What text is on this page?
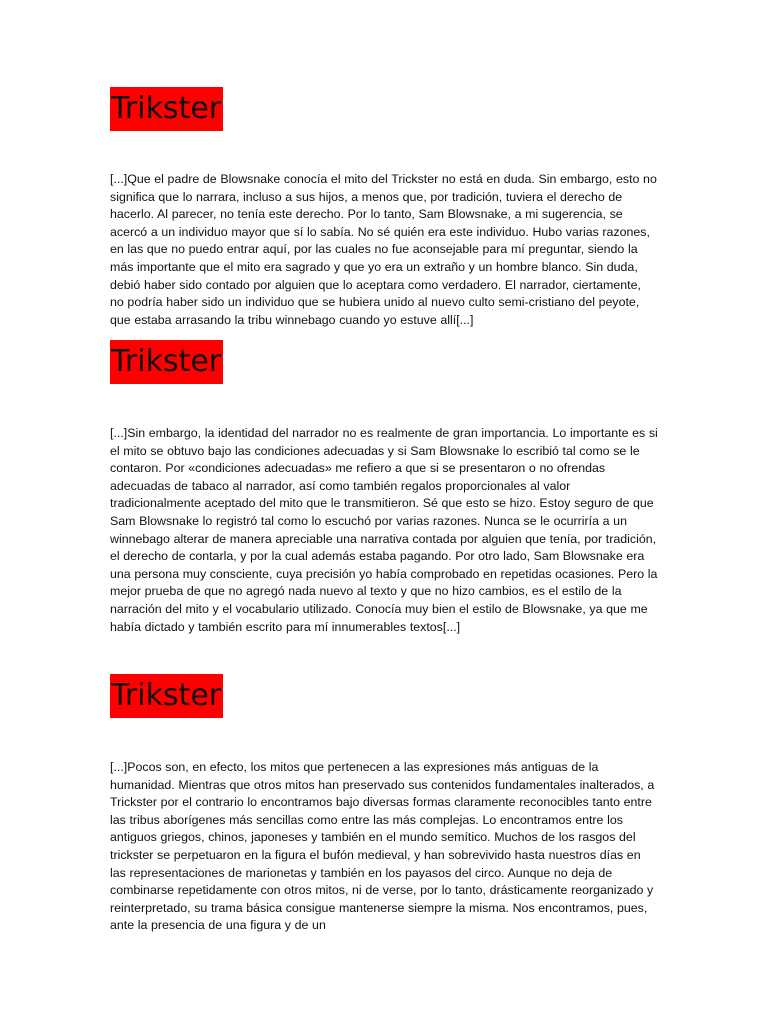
Trikster

[...]Que el padre de Blowsnake conocía el mito del Trickster no está en duda. Sin embargo, esto no significa que lo narrara, incluso a sus hijos, a menos que, por tradición, tuviera el derecho de hacerlo. Al parecer, no tenía este derecho. Por lo tanto, Sam Blowsnake, a mi sugerencia, se acercó a un individuo mayor que sí lo sabía. No sé quién era este individuo. Hubo varias razones, en las que no puedo entrar aquí, por las cuales no fue aconsejable para mí preguntar, siendo la más importante que el mito era sagrado y que yo era un extraño y un hombre blanco. Sin duda, debió haber sido contado por alguien que lo aceptara como verdadero. El narrador, ciertamente, no podría haber sido un individuo que se hubiera unido al nuevo culto semi-cristiano del peyote, que estaba arrasando la tribu winnebago cuando yo estuve allí[...]

Trikster

[...]Sin embargo, la identidad del narrador no es realmente de gran importancia. Lo importante es si el mito se obtuvo bajo las condiciones adecuadas y si Sam Blowsnake lo escribió tal como se le contaron. Por «condiciones adecuadas» me refiero a que si se presentaron o no ofrendas adecuadas de tabaco al narrador, así como también regalos proporcionales al valor tradicionalmente aceptado del mito que le transmitieron. Sé que esto se hizo. Estoy seguro de que Sam Blowsnake lo registró tal como lo escuchó por varias razones. Nunca se le ocurriría a un winnebago alterar de manera apreciable una narrativa contada por alguien que tenía, por tradición, el derecho de contarla, y por la cual además estaba pagando. Por otro lado, Sam Blowsnake era una persona muy consciente, cuya precisión yo había comprobado en repetidas ocasiones. Pero la mejor prueba de que no agregó nada nuevo al texto y que no hizo cambios, es el estilo de la narración del mito y el vocabulario utilizado. Conocía muy bien el estilo de Blowsnake, ya que me había dictado y también escrito para mí innumerables textos[...]

Trikster

[...]Pocos son, en efecto, los mitos que pertenecen a las expresiones más antiguas de la humanidad. Mientras que otros mitos han preservado sus contenidos fundamentales inalterados, a Trickster por el contrario lo encontramos bajo diversas formas claramente reconocibles tanto entre las tribus aborígenes más sencillas como entre las más complejas. Lo encontramos entre los antiguos griegos, chinos, japoneses y también en el mundo semítico. Muchos de los rasgos del trickster se perpetuaron en la figura el bufón medieval, y han sobrevivido hasta nuestros días en las representaciones de marionetas y también en los payasos del circo. Aunque no deja de combinarse repetidamente con otros mitos, ni de verse, por lo tanto, drásticamente reorganizado y reinterpretado, su trama básica consigue mantenerse siempre la misma. Nos encontramos, pues, ante la presencia de una figura y de un
